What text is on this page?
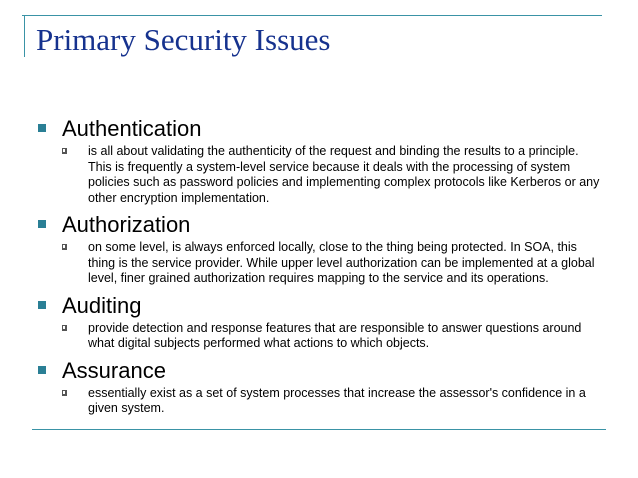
Primary Security Issues
Authentication
is all about validating the authenticity of the request and binding the results to a principle. This is frequently a system-level service because it deals with the processing of system policies such as password policies and implementing complex protocols like Kerberos or any other encryption implementation.
Authorization
on some level, is always enforced locally, close to the thing being protected. In SOA, this thing is the service provider. While upper level authorization can be implemented at a global level, finer grained authorization requires mapping to the service and its operations.
Auditing
provide detection and response features that are responsible to answer questions around what digital subjects performed what actions to which objects.
Assurance
essentially exist as a set of system processes that increase the assessor's confidence in a given system.
